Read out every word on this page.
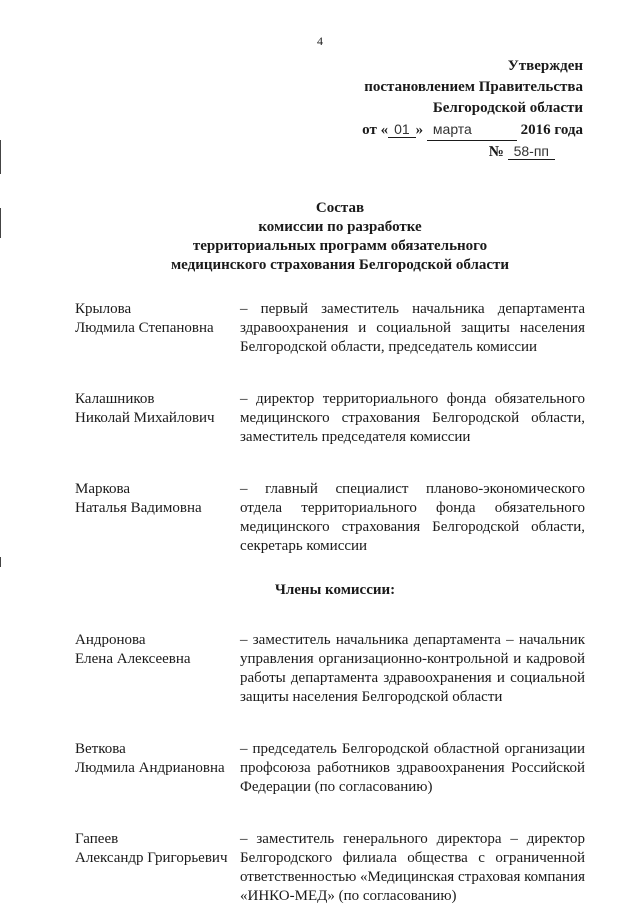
4
Утвержден
постановлением Правительства
Белгородской области
от « 01 » марта	2016 года
№ 58-пп
Состав
комиссии по разработке
территориальных программ обязательного
медицинского страхования Белгородской области
Крылова
Людмила Степановна
– первый заместитель начальника департамента здравоохранения и социальной защиты населения Белгородской области, председатель комиссии
Калашников
Николай Михайлович
– директор территориального фонда обязательного медицинского страхования Белгородской области, заместитель председателя комиссии
Маркова
Наталья Вадимовна
– главный специалист планово-экономического отдела территориального фонда обязательного медицинского страхования Белгородской области, секретарь комиссии
Члены комиссии:
Андронова
Елена Алексеевна
– заместитель начальника департамента – начальник управления организационно-контрольной и кадровой работы департамента здравоохранения и социальной защиты населения Белгородской области
Веткова
Людмила Андриановна
– председатель Белгородской областной организации профсоюза работников здравоохранения Российской Федерации (по согласованию)
Гапеев
Александр Григорьевич
– заместитель генерального директора – директор Белгородского филиала общества с ограниченной ответственностью «Медицинская страховая компания «ИНКО-МЕД» (по согласованию)
